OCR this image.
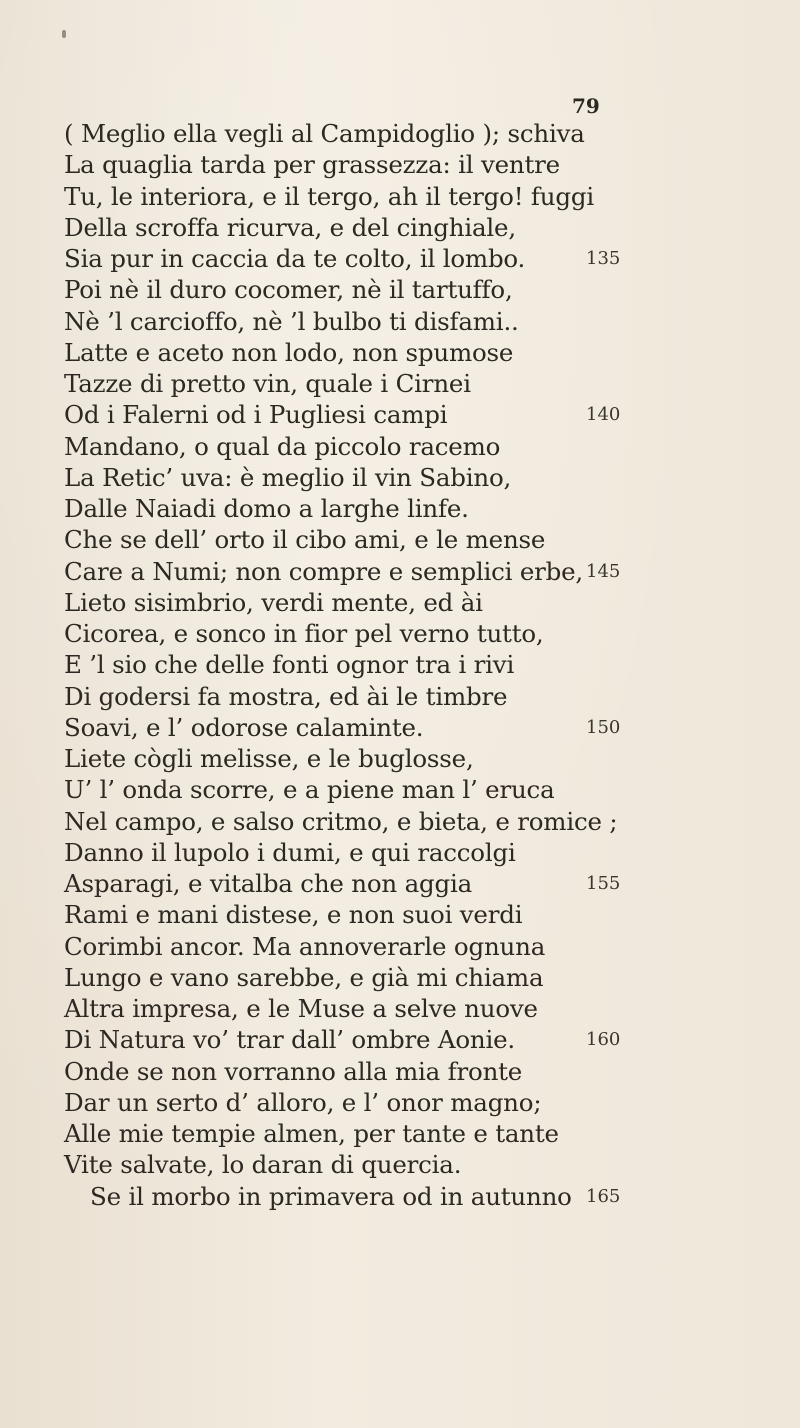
79
( Meglio ella vegli al Campidoglio ); schiva
La quaglia tarda per grassezza: il ventre
Tu, le interiora, e il tergo, ah il tergo! fuggi
Della scroffa ricurva, e del cinghiale,
Sia pur in caccia da te colto, il lombo.
Poi nè il duro cocomer, nè il tartuffo,
Nè ’l carcioffo, nè ’l bulbo ti disfami..
Latte e aceto non lodo, non spumose
Tazze di pretto vin, quale i Cirnei
Od i Falerni od i Pugliesi campi
Mandano, o qual da piccolo racemo
La Retic’ uva: è meglio il vin Sabino,
Dalle Naiadi domo a larghe linfe.
Che se dell’ orto il cibo ami, e le mense
Care a Numi; non compre e semplici erbe,
Lieto sisimbrio, verdi mente, ed ài
Cicorea, e sonco in fior pel verno tutto,
E ’l sio che delle fonti ognor tra i rivi
Di godersi fa mostra, ed ài le timbre
Soavi, e l’ odorose calaminte.
Liete cògli melisse, e le buglosse,
U’ l’ onda scorre, e a piene man l’ eruca
Nel campo, e salso critmo, e bieta, e romice ;
Danno il lupolo i dumi, e qui raccolgi
Asparagi, e vitalba che non aggia
Rami e mani distese, e non suoi verdi
Corimbi ancor. Ma annoverarle ognuna
Lungo e vano sarebbe, e già mi chiama
Altra impresa, e le Muse a selve nuove
Di Natura vo’ trar dall’ ombre Aonie.
Onde se non vorranno alla mia fronte
Dar un serto d’ alloro, e l’ onor magno;
Alle mie tempie almen, per tante e tante
Vite salvate, lo daran di quercia.
Se il morbo in primavera od in autunno
135
140
145
150
155
160
165
